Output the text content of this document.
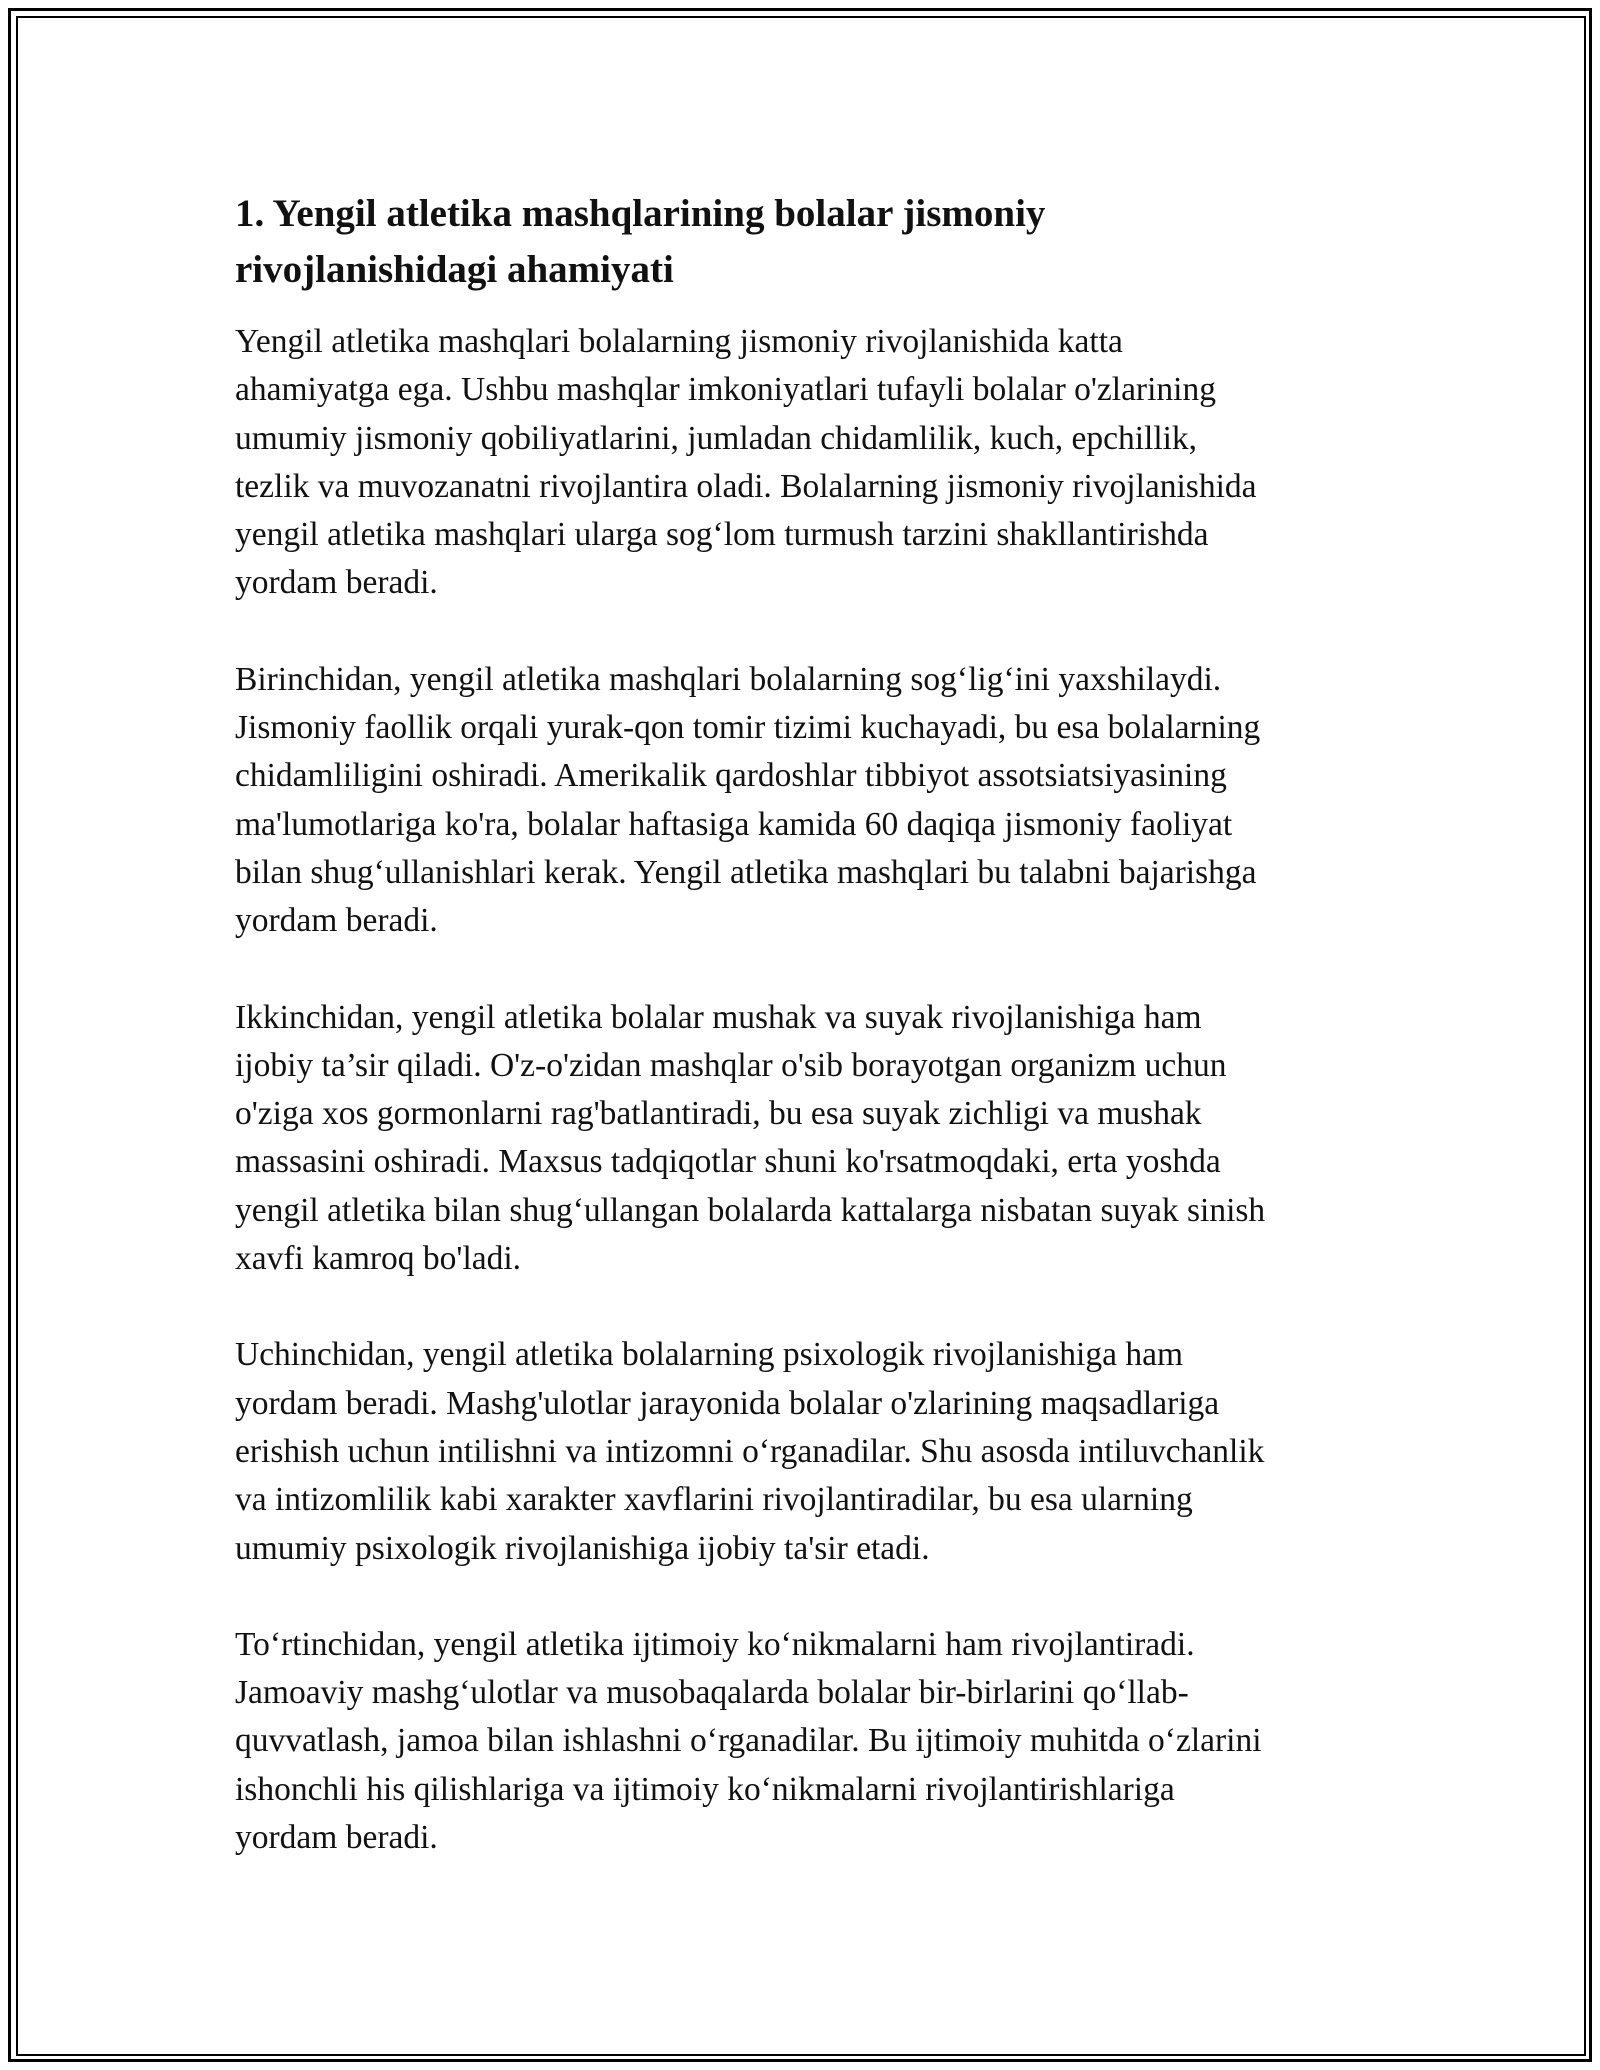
1. Yengil atletika mashqlarining bolalar jismoniy
rivojlanishidagi ahamiyati

Yengil atletika mashqlari bolalarning jismoniy rivojlanishida katta
ahamiyatga ega. Ushbu mashqlar imkoniyatlari tufayli bolalar o'zlarining
umumiy jismoniy qobiliyatlarini, jumladan chidamlilik, kuch, epchillik,
tezlik va muvozanatni rivojlantira oladi. Bolalarning jismoniy rivojlanishida
yengil atletika mashqlari ularga sog‘lom turmush tarzini shakllantirishda
yordam beradi.

Birinchidan, yengil atletika mashqlari bolalarning sog‘lig‘ini yaxshilaydi.
Jismoniy faollik orqali yurak-qon tomir tizimi kuchayadi, bu esa bolalarning
chidamliligini oshiradi. Amerikalik qardoshlar tibbiyot assotsiatsiyasining
ma'lumotlariga ko'ra, bolalar haftasiga kamida 60 daqiqa jismoniy faoliyat
bilan shug‘ullanishlari kerak. Yengil atletika mashqlari bu talabni bajarishga
yordam beradi.

Ikkinchidan, yengil atletika bolalar mushak va suyak rivojlanishiga ham
ijobiy ta’sir qiladi. O'z-o'zidan mashqlar o'sib borayotgan organizm uchun
o'ziga xos gormonlarni rag'batlantiradi, bu esa suyak zichligi va mushak
massasini oshiradi. Maxsus tadqiqotlar shuni ko'rsatmoqdaki, erta yoshda
yengil atletika bilan shug‘ullangan bolalarda kattalarga nisbatan suyak sinish
xavfi kamroq bo'ladi.

Uchinchidan, yengil atletika bolalarning psixologik rivojlanishiga ham
yordam beradi. Mashg'ulotlar jarayonida bolalar o'zlarining maqsadlariga
erishish uchun intilishni va intizomni o‘rganadilar. Shu asosda intiluvchanlik
va intizomlilik kabi xarakter xavflarini rivojlantiradilar, bu esa ularning
umumiy psixologik rivojlanishiga ijobiy ta'sir etadi.

To‘rtinchidan, yengil atletika ijtimoiy ko‘nikmalarni ham rivojlantiradi.
Jamoaviy mashg‘ulotlar va musobaqalarda bolalar bir-birlarini qo‘llab-
quvvatlash, jamoa bilan ishlashni o‘rganadilar. Bu ijtimoiy muhitda o‘zlarini
ishonchli his qilishlariga va ijtimoiy ko‘nikmalarni rivojlantirishlariga
yordam beradi.
